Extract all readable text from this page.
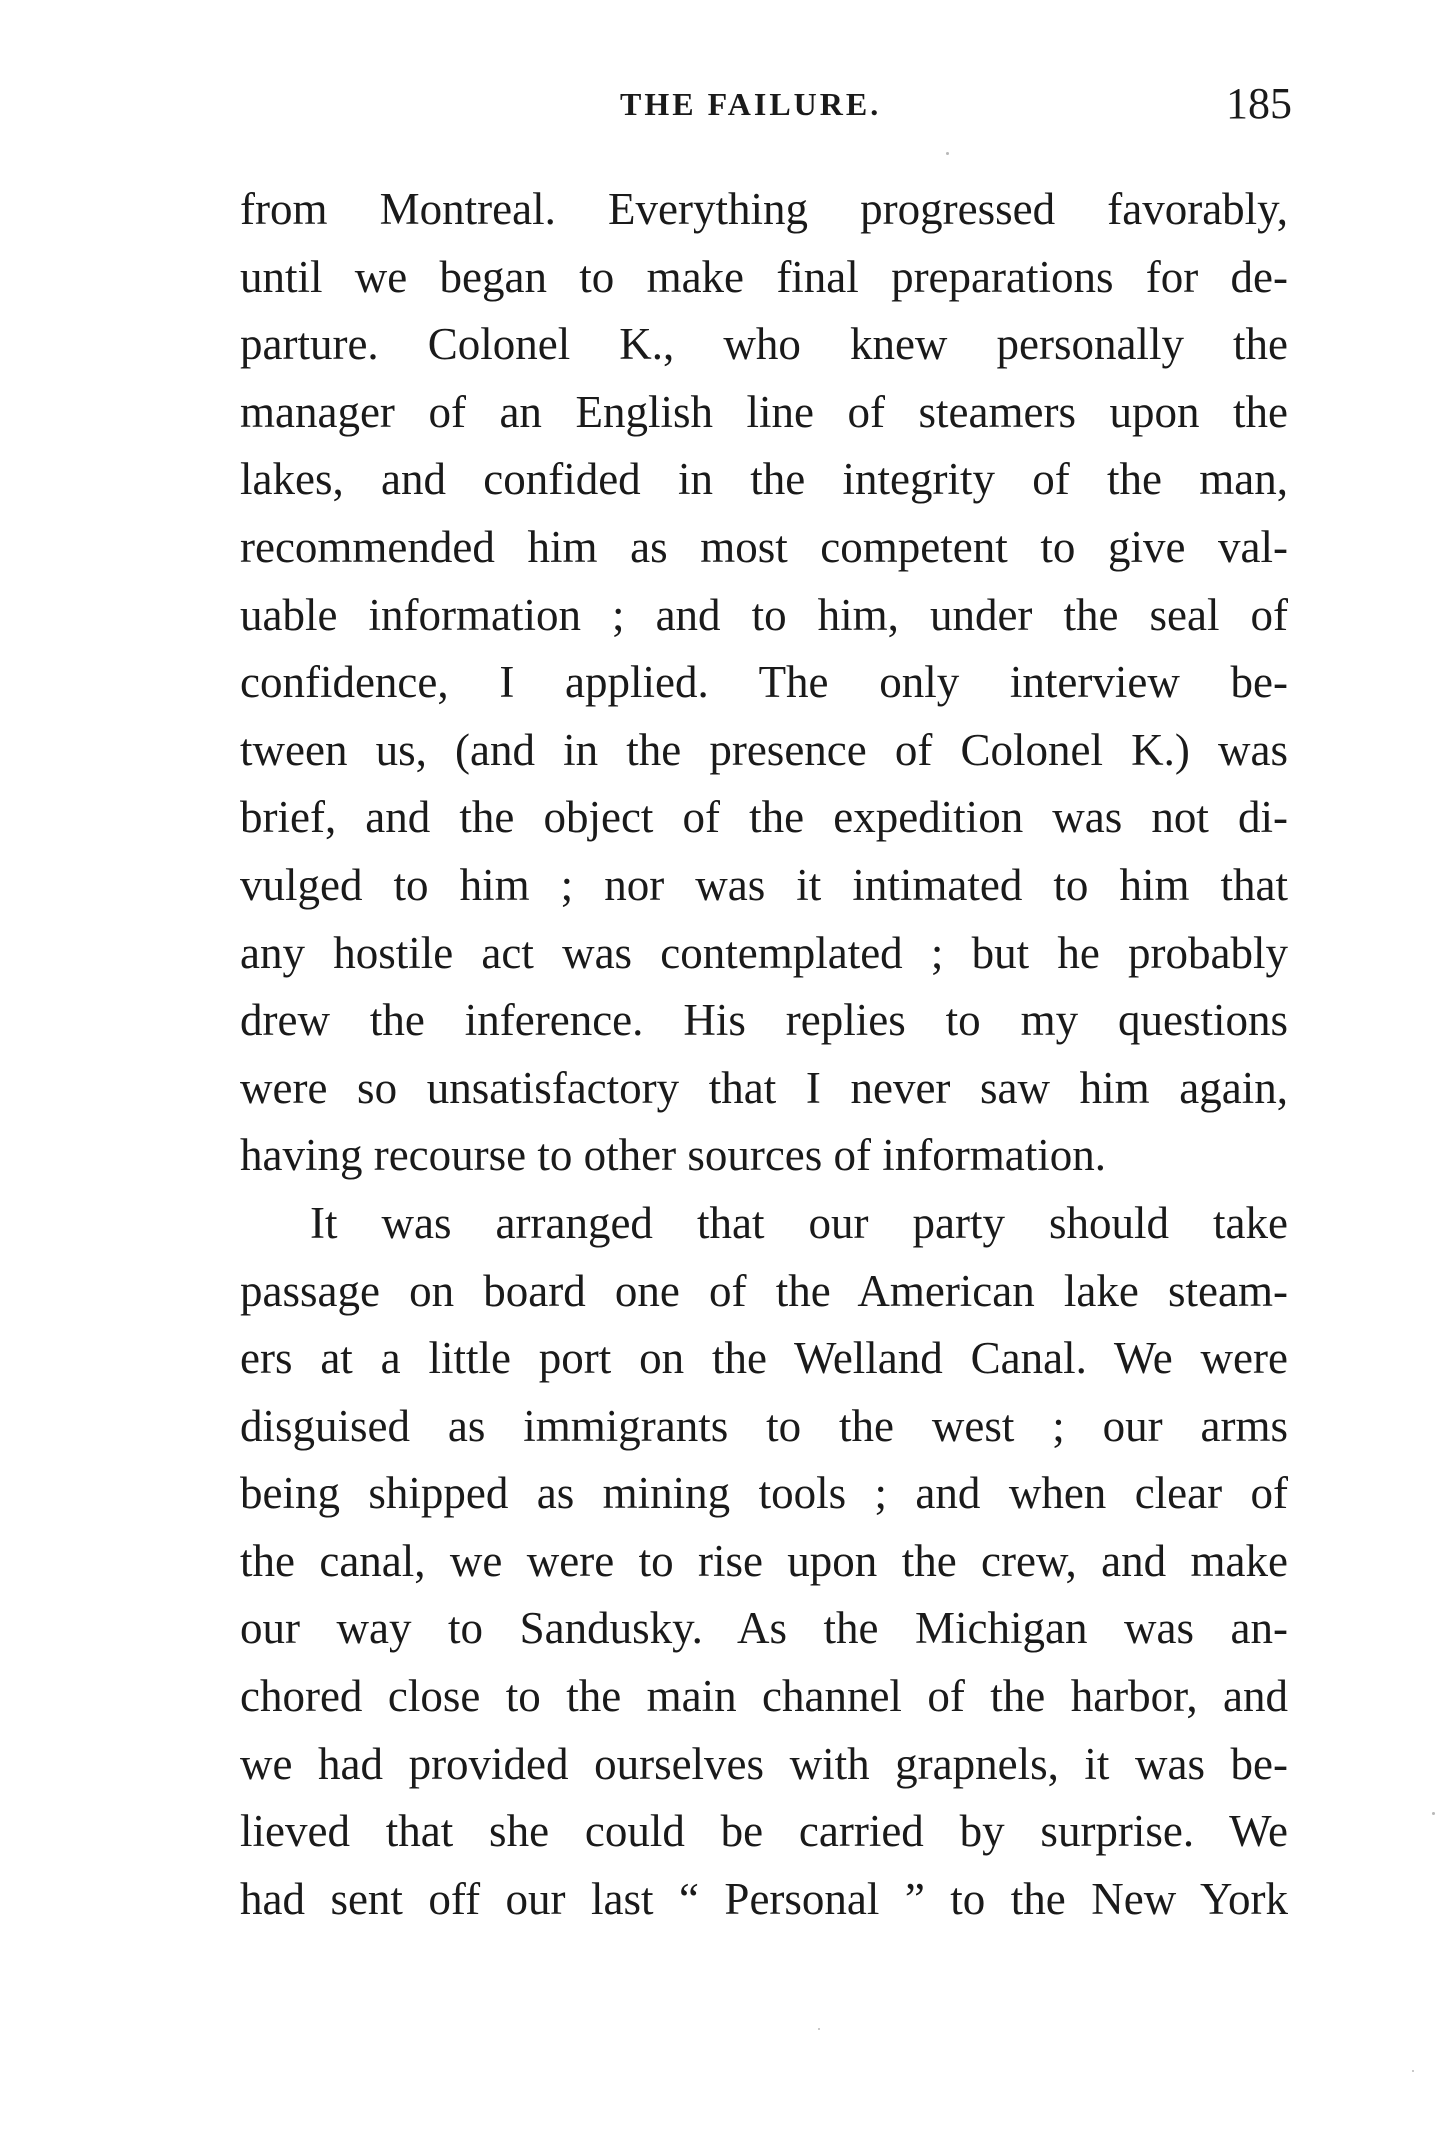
THE FAILURE.	185
from Montreal. Everything progressed favorably,
until we began to make final preparations for de-
parture. Colonel K., who knew personally the
manager of an English line of steamers upon the
lakes, and confided in the integrity of the man,
recommended him as most competent to give val-
uable information ; and to him, under the seal of
confidence, I applied. The only interview be-
tween us, (and in the presence of Colonel K.) was
brief, and the object of the expedition was not di-
vulged to him ; nor was it intimated to him that
any hostile act was contemplated ; but he probably
drew the inference. His replies to my questions
were so unsatisfactory that I never saw him again,
having recourse to other sources of information.
It was arranged that our party should take
passage on board one of the American lake steam-
ers at a little port on the Welland Canal. We were
disguised as immigrants to the west ; our arms
being shipped as mining tools ; and when clear of
the canal, we were to rise upon the crew, and make
our way to Sandusky. As the Michigan was an-
chored close to the main channel of the harbor, and
we had provided ourselves with grapnels, it was be-
lieved that she could be carried by surprise. We
had sent off our last “ Personal ” to the New York
